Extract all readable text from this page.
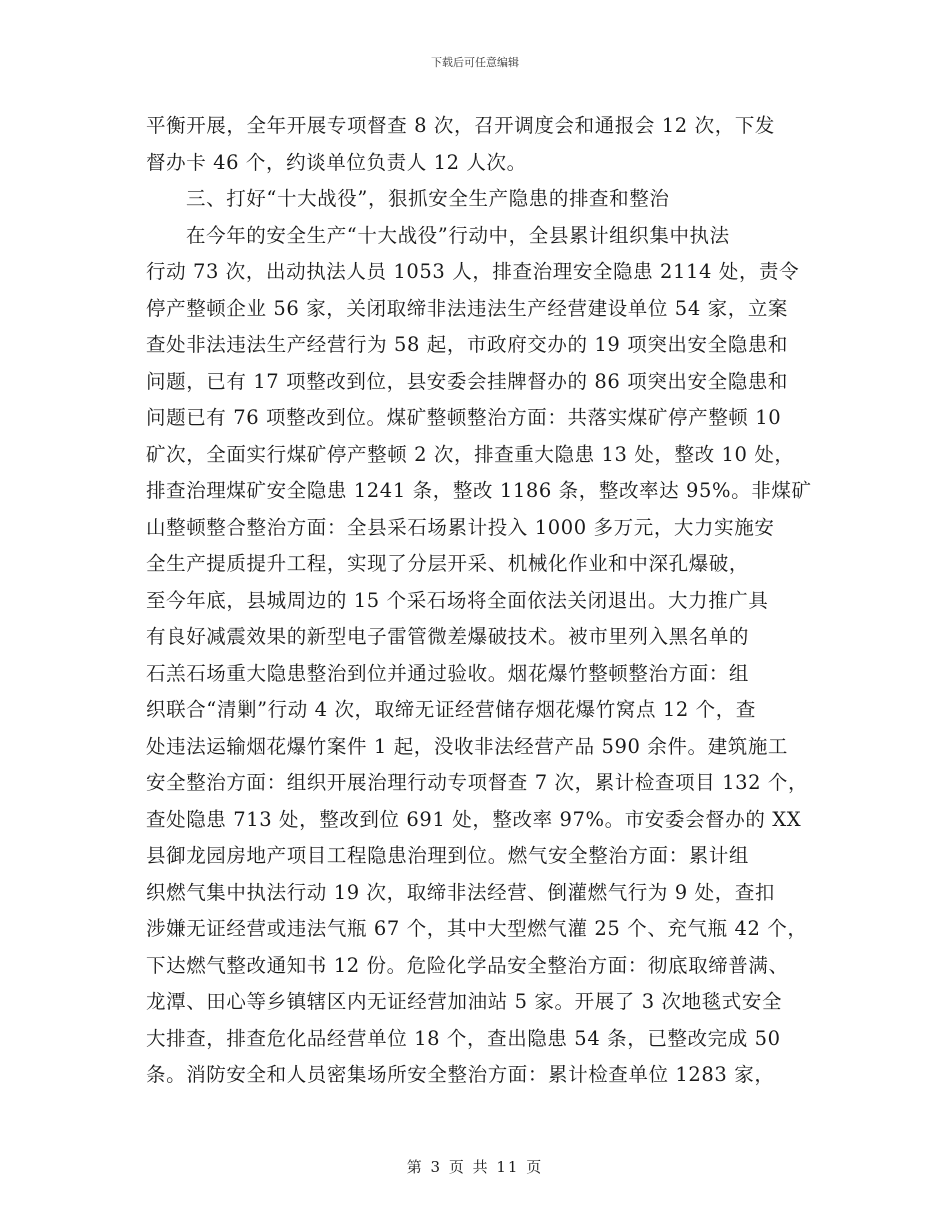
下载后可任意编辑
平衡开展，全年开展专项督查 8 次，召开调度会和通报会 12 次，下发
督办卡 46 个，约谈单位负责人 12 人次。
三、打好“十大战役”，狠抓安全生产隐患的排查和整治
在今年的安全生产“十大战役”行动中，全县累计组织集中执法
行动 73 次，出动执法人员 1053 人，排查治理安全隐患 2114 处，责令
停产整顿企业 56 家，关闭取缔非法违法生产经营建设单位 54 家，立案
查处非法违法生产经营行为 58 起，市政府交办的 19 项突出安全隐患和
问题，已有 17 项整改到位，县安委会挂牌督办的 86 项突出安全隐患和
问题已有 76 项整改到位。煤矿整顿整治方面：共落实煤矿停产整顿 10
矿次，全面实行煤矿停产整顿 2 次，排查重大隐患 13 处，整改 10 处，
排查治理煤矿安全隐患 1241 条，整改 1186 条，整改率达 95%。非煤矿
山整顿整合整治方面：全县采石场累计投入 1000 多万元，大力实施安
全生产提质提升工程，实现了分层开采、机械化作业和中深孔爆破，
至今年底，县城周边的 15 个采石场将全面依法关闭退出。大力推广具
有良好减震效果的新型电子雷管微差爆破技术。被市里列入黑名单的
石羔石场重大隐患整治到位并通过验收。烟花爆竹整顿整治方面：组
织联合“清剿”行动 4 次，取缔无证经营储存烟花爆竹窝点 12 个，查
处违法运输烟花爆竹案件 1 起，没收非法经营产品 590 余件。建筑施工
安全整治方面：组织开展治理行动专项督查 7 次，累计检查项目 132 个，
查处隐患 713 处，整改到位 691 处，整改率 97%。市安委会督办的 XX
县御龙园房地产项目工程隐患治理到位。燃气安全整治方面：累计组
织燃气集中执法行动 19 次，取缔非法经营、倒灌燃气行为 9 处，查扣
涉嫌无证经营或违法气瓶 67 个，其中大型燃气灌 25 个、充气瓶 42 个，
下达燃气整改通知书 12 份。危险化学品安全整治方面：彻底取缔普满、
龙潭、田心等乡镇辖区内无证经营加油站 5 家。开展了 3 次地毯式安全
大排查，排查危化品经营单位 18 个，查出隐患 54 条，已整改完成 50
条。消防安全和人员密集场所安全整治方面：累计检查单位 1283 家，
第 3 页 共 11 页
